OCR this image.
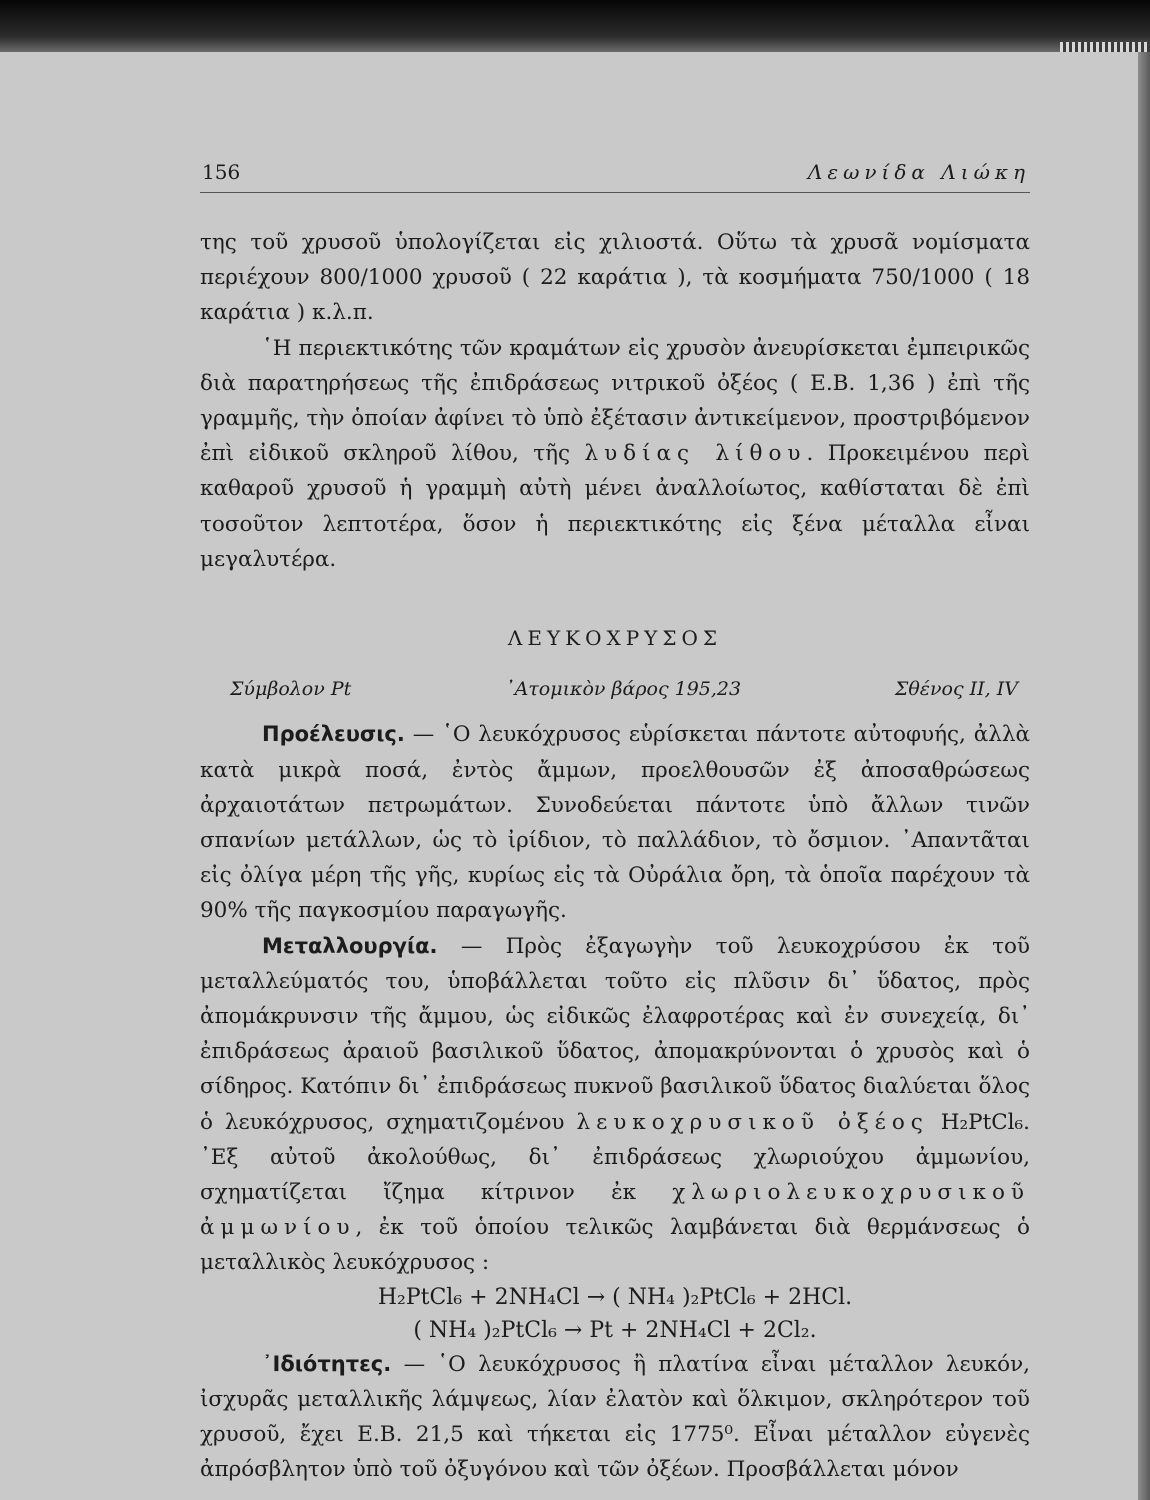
156	Λεωνίδα Λιώκη

της τοῦ χρυσοῦ ὑπολογίζεται εἰς χιλιοστά. Οὕτω τὰ χρυσᾶ νομίσματα περιέχουν 800/1000 χρυσοῦ ( 22 καράτια ), τὰ κοσμήματα 750/1000 ( 18 καράτια ) κ.λ.π.

῾Η περιεκτικότης τῶν κραμάτων εἰς χρυσὸν ἀνευρίσκεται ἐμπειρικῶς διὰ παρατηρήσεως τῆς ἐπιδράσεως νιτρικοῦ ὀξέος ( Ε.Β. 1,36 ) ἐπὶ τῆς γραμμῆς, τὴν ὁποίαν ἀφίνει τὸ ὑπὸ ἐξέτασιν ἀντικείμενον, προστριβόμενον ἐπὶ εἰδικοῦ σκληροῦ λίθου, τῆς λυδίας λίθου. Προκειμένου περὶ καθαροῦ χρυσοῦ ἡ γραμμὴ αὐτὴ μένει ἀναλλοίωτος, καθίσταται δὲ ἐπὶ τοσοῦτον λεπτοτέρα, ὅσον ἡ περιεκτικότης εἰς ξένα μέταλλα εἶναι μεγαλυτέρα.

ΛΕΥΚΟΧΡΥΣΟΣ

Σύμβολον Pt	᾿Ατομικὸν βάρος 195,23	Σθένος II, IV

Προέλευσις. — ῾Ο λευκόχρυσος εὑρίσκεται πάντοτε αὐτοφυής, ἀλλὰ κατὰ μικρὰ ποσά, ἐντὸς ἄμμων, προελθουσῶν ἐξ ἀποσαθρώσεως ἀρχαιοτάτων πετρωμάτων. Συνοδεύεται πάντοτε ὑπὸ ἄλλων τινῶν σπανίων μετάλλων, ὡς τὸ ἰρίδιον, τὸ παλλάδιον, τὸ ὄσμιον. ᾿Απαντᾶται εἰς ὀλίγα μέρη τῆς γῆς, κυρίως εἰς τὰ Οὐράλια ὄρη, τὰ ὁποῖα παρέχουν τὰ 90% τῆς παγκοσμίου παραγωγῆς.

Μεταλλουργία. — Πρὸς ἐξαγωγὴν τοῦ λευκοχρύσου ἐκ τοῦ μεταλλεύματός του, ὑποβάλλεται τοῦτο εἰς πλῦσιν δι᾿ ὕδατος, πρὸς ἀπομάκρυνσιν τῆς ἄμμου, ὡς εἰδικῶς ἐλαφροτέρας καὶ ἐν συνεχείᾳ, δι᾿ ἐπιδράσεως ἀραιοῦ βασιλικοῦ ὕδατος, ἀπομακρύνονται ὁ χρυσὸς καὶ ὁ σίδηρος. Κατόπιν δι᾿ ἐπιδράσεως πυκνοῦ βασιλικοῦ ὕδατος διαλύεται ὅλος ὁ λευκόχρυσος, σχηματιζομένου λευκοχρυσικοῦ ὀξέος H₂PtCl₆. ᾿Εξ αὐτοῦ ἀκολούθως, δι᾿ ἐπιδράσεως χλωριούχου ἀμμωνίου, σχηματίζεται ἴζημα κίτρινον ἐκ χλωριολευκοχρυσικοῦ ἀμμωνίου, ἐκ τοῦ ὁποίου τελικῶς λαμβάνεται διὰ θερμάνσεως ὁ μεταλλικὸς λευκόχρυσος :

H₂PtCl₆ + 2NH₄Cl → ( NH₄ )₂PtCl₆ + 2HCl.

( NH₄ )₂PtCl₆ → Pt + 2NH₄Cl + 2Cl₂.

᾿Ιδιότητες. — ῾Ο λευκόχρυσος ἢ πλατίνα εἶναι μέταλλον λευκόν, ἰσχυρᾶς μεταλλικῆς λάμψεως, λίαν ἐλατὸν καὶ ὅλκιμον, σκληρότερον τοῦ χρυσοῦ, ἔχει Ε.Β. 21,5 καὶ τήκεται εἰς 1775⁰. Εἶναι μέταλλον εὐγενὲς ἀπρόσβλητον ὑπὸ τοῦ ὀξυγόνου καὶ τῶν ὀξέων. Προσβάλλεται μόνον
